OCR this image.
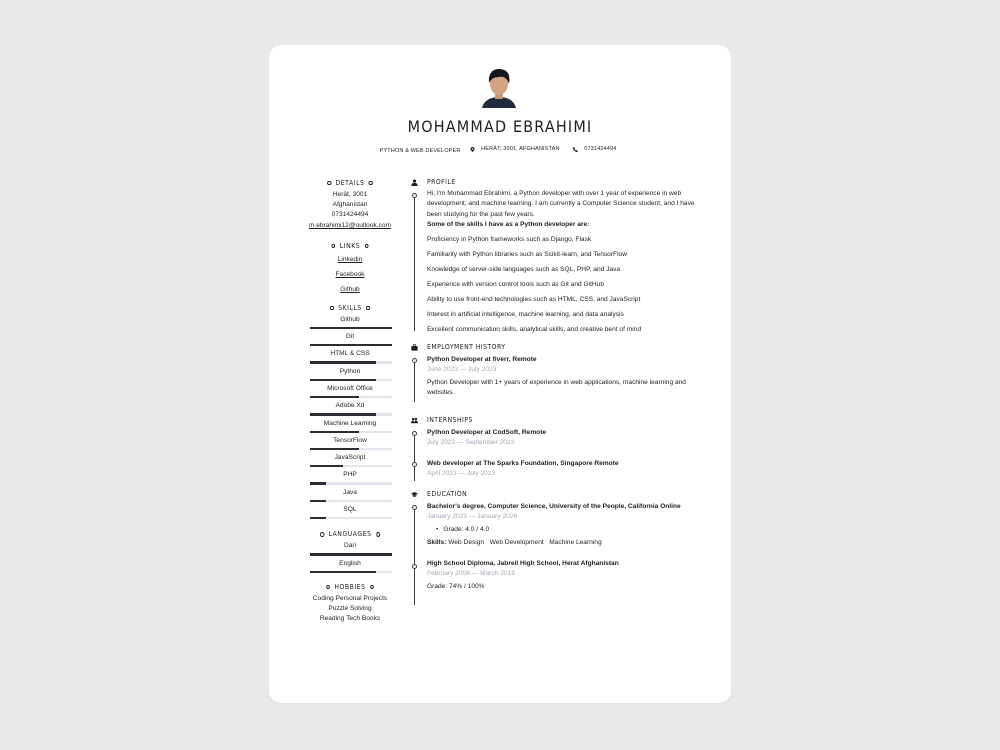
MOHAMMAD EBRAHIMI
PYTHON & WEB DEVELOPER	HERĀT, 3001, AFGHANISTAN
	0731424494
DETAILS
Herāt, 3001
Afghanistan
0731424494
m.ebrahimi12@outlook.com
LINKS
Linkedin
Facebook
Github
SKILLS
Github
Git
HTML & CSS
Python
Microsoft Office
Adobe Xd
Machine Learning
TensorFlow
JavaScript
PHP
Java
SQL
LANGUAGES
Dari
English
HOBBIES
Coding Personal Projects
Puzzle Solving
Reading Tech Books
PROFILE
Hi, I'm Mohammad Ebrahimi, a Python developer with over 1 year of experience in web development, and machine learning. I am currently a Computer Science student, and I have been studying for the past few years.
Some of the skills I have as a Python developer are:
Proficiency in Python frameworks such as Django, Flask
Familiarity with Python libraries such as Scikit-learn, and TensorFlow
Knowledge of server-side languages such as SQL, PHP, and Java
Experience with version control tools such as Git and GitHub
Ability to use front-end technologies such as HTML, CSS, and JavaScript
Interest in artificial intelligence, machine learning, and data analysis
Excellent communication skills, analytical skills, and creative bent of mind
EMPLOYMENT HISTORY
Python Developer at fiverr, Remote
June 2023 — July 2023
Python Developer with 1+ years of experience in web applications, machine learning and websites.
INTERNSHIPS
Python Developer at CodSoft, Remote
July 2023 — September 2023
Web developer at The Sparks Foundation, Singapore Remote
April 2023 — July 2023
EDUCATION
Bachelor's degree, Computer Science, University of the People, California Online
January 2023 — January 2026
• Grade: 4.0 / 4.0
Skills: Web Design   Web Development   Machine Learning
High School Diploma, Jabreil High School, Herat Afghanistan
February 2008 — March 2019
Grade: 74% / 100%
